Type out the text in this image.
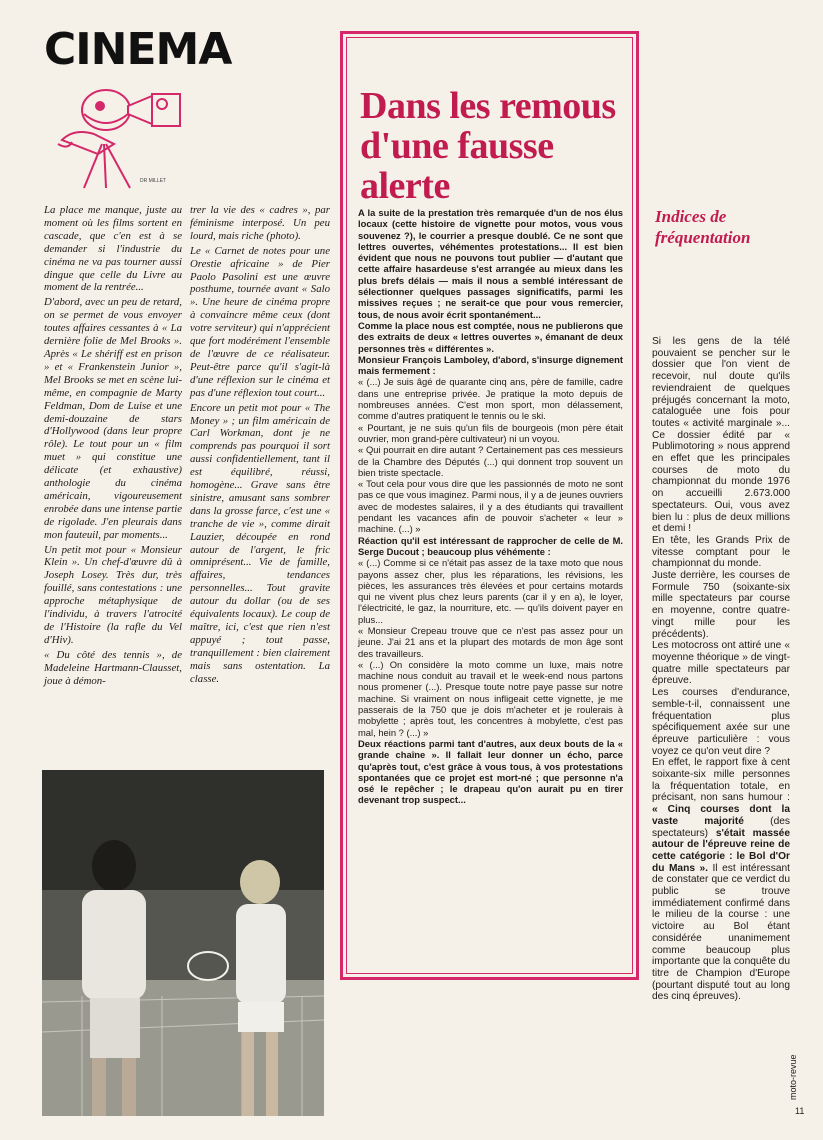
CINEMA
DR MILLET

La place me manque, juste au moment où les films sortent en cascade, que c'en est à se demander si l'industrie du cinéma ne va pas tourner aussi dingue que celle du Livre au moment de la rentrée...

D'abord, avec un peu de retard, on se permet de vous envoyer toutes affaires cessantes à « La dernière folie de Mel Brooks ». Après « Le shériff est en prison » et « Frankenstein Junior », Mel Brooks se met en scène lui-même, en compagnie de Marty Feldman, Dom de Luise et une demi-douzaine de stars d'Hollywood (dans leur propre rôle). Le tout pour un « film muet » qui constitue une délicate (et exhaustive) anthologie du cinéma américain, vigoureusement enrobée dans une intense partie de rigolade. J'en pleurais dans mon fauteuil, par moments...

Un petit mot pour « Monsieur Klein ». Un chef-d'œuvre dû à Joseph Losey. Très dur, très fouillé, sans contestations : une approche métaphysique de l'individu, à travers l'atrocité de l'Histoire (la rafle du Vel d'Hiv).

« Du côté des tennis », de Madeleine Hartmann-Clausset, joue à démon-

trer la vie des « cadres », par féminisme interposé. Un peu lourd, mais riche (photo).

Le « Carnet de notes pour une Orestie africaine » de Pier Paolo Pasolini est une œuvre posthume, tournée avant « Salo ». Une heure de cinéma propre à convaincre même ceux (dont votre serviteur) qui n'apprécient que fort modérément l'ensemble de l'œuvre de ce réalisateur. Peut-être parce qu'il s'agit-là d'une réflexion sur le cinéma et pas d'une réflexion tout court...

Encore un petit mot pour « The Money » ; un film américain de Carl Workman, dont je ne comprends pas pourquoi il sort aussi confidentiellement, tant il est équilibré, réussi, homogène... Grave sans être sinistre, amusant sans sombrer dans la grosse farce, c'est une « tranche de vie », comme dirait Lauzier, découpée en rond autour de l'argent, le fric omniprésent... Vie de famille, affaires, tendances personnelles... Tout gravite autour du dollar (ou de ses équivalents locaux). Le coup de maître, ici, c'est que rien n'est appuyé ; tout passe, tranquillement : bien clairement mais sans ostentation. La classe.

Dans les remous d'une fausse alerte

A la suite de la prestation très remarquée d'un de nos élus locaux (cette histoire de vignette pour motos, vous vous souvenez ?), le courrier a presque doublé. Ce ne sont que lettres ouvertes, véhémentes protestations... Il est bien évident que nous ne pouvons tout publier — d'autant que cette affaire hasardeuse s'est arrangée au mieux dans les plus brefs délais — mais il nous a semblé intéressant de sélectionner quelques passages significatifs, parmi les missives reçues ; ne serait-ce que pour vous remercier, tous, de nous avoir écrit spontanément...

Comme la place nous est comptée, nous ne publierons que des extraits de deux « lettres ouvertes », émanant de deux personnes très « différentes ».

Monsieur François Lamboley, d'abord, s'insurge dignement mais fermement :

« (...) Je suis âgé de quarante cinq ans, père de famille, cadre dans une entreprise privée. Je pratique la moto depuis de nombreuses années. C'est mon sport, mon délassement, comme d'autres pratiquent le tennis ou le ski.

« Pourtant, je ne suis qu'un fils de bourgeois (mon père était ouvrier, mon grand-père cultivateur) ni un voyou.

« Qui pourrait en dire autant ? Certainement pas ces messieurs de la Chambre des Députés (...) qui donnent trop souvent un bien triste spectacle.

« Tout cela pour vous dire que les passionnés de moto ne sont pas ce que vous imaginez. Parmi nous, il y a de jeunes ouvriers avec de modestes salaires, il y a des étudiants qui travaillent pendant les vacances afin de pouvoir s'acheter « leur » machine. (...) »

Réaction qu'il est intéressant de rapprocher de celle de M. Serge Ducout ; beaucoup plus véhémente :

« (...) Comme si ce n'était pas assez de la taxe moto que nous payons assez cher, plus les réparations, les révisions, les pièces, les assurances très élevées et pour certains motards qui ne vivent plus chez leurs parents (car il y en a), le loyer, l'électricité, le gaz, la nourriture, etc. — qu'ils doivent payer en plus...

« Monsieur Crepeau trouve que ce n'est pas assez pour un jeune. J'ai 21 ans et la plupart des motards de mon âge sont des travailleurs.

« (...) On considère la moto comme un luxe, mais notre machine nous conduit au travail et le week-end nous partons nous promener (...). Presque toute notre paye passe sur notre machine. Si vraiment on nous infligeait cette vignette, je me passerais de la 750 que je dois m'acheter et je roulerais à mobylette ; après tout, les concentres à mobylette, c'est pas mal, hein ? (...) »

Deux réactions parmi tant d'autres, aux deux bouts de la « grande chaîne ». Il fallait leur donner un écho, parce qu'après tout, c'est grâce à vous tous, à vos protestations spontanées que ce projet est mort-né ; que personne n'a osé le repêcher ; le drapeau qu'on aurait pu en tirer devenant trop suspect...

Indices de fréquentation

Si les gens de la télé pouvaient se pencher sur le dossier que l'on vient de recevoir, nul doute qu'ils reviendraient de quelques préjugés concernant la moto, cataloguée une fois pour toutes « activité marginale »... Ce dossier édité par « Publimotoring » nous apprend en effet que les principales courses de moto du championnat du monde 1976 on accueilli 2.673.000 spectateurs. Oui, vous avez bien lu : plus de deux millions et demi !

En tête, les Grands Prix de vitesse comptant pour le championnat du monde.

Juste derrière, les courses de Formule 750 (soixante-six mille spectateurs par course en moyenne, contre quatre-vingt mille pour les précédents).

Les motocross ont attiré une « moyenne théorique » de vingt-quatre mille spectateurs par épreuve.

Les courses d'endurance, semble-t-il, connaissent une fréquentation plus spécifiquement axée sur une épreuve particulière : vous voyez ce qu'on veut dire ?

En effet, le rapport fixe à cent soixante-six mille personnes la fréquentation totale, en précisant, non sans humour : « Cinq courses dont la vaste majorité (des spectateurs) s'était massée autour de l'épreuve reine de cette catégorie : le Bol d'Or du Mans ». Il est intéressant de constater que ce verdict du public se trouve immédiatement confirmé dans le milieu de la course : une victoire au Bol étant considérée unanimement comme beaucoup plus importante que la conquête du titre de Champion d'Europe (pourtant disputé tout au long des cinq épreuves).

moto-revue
11
